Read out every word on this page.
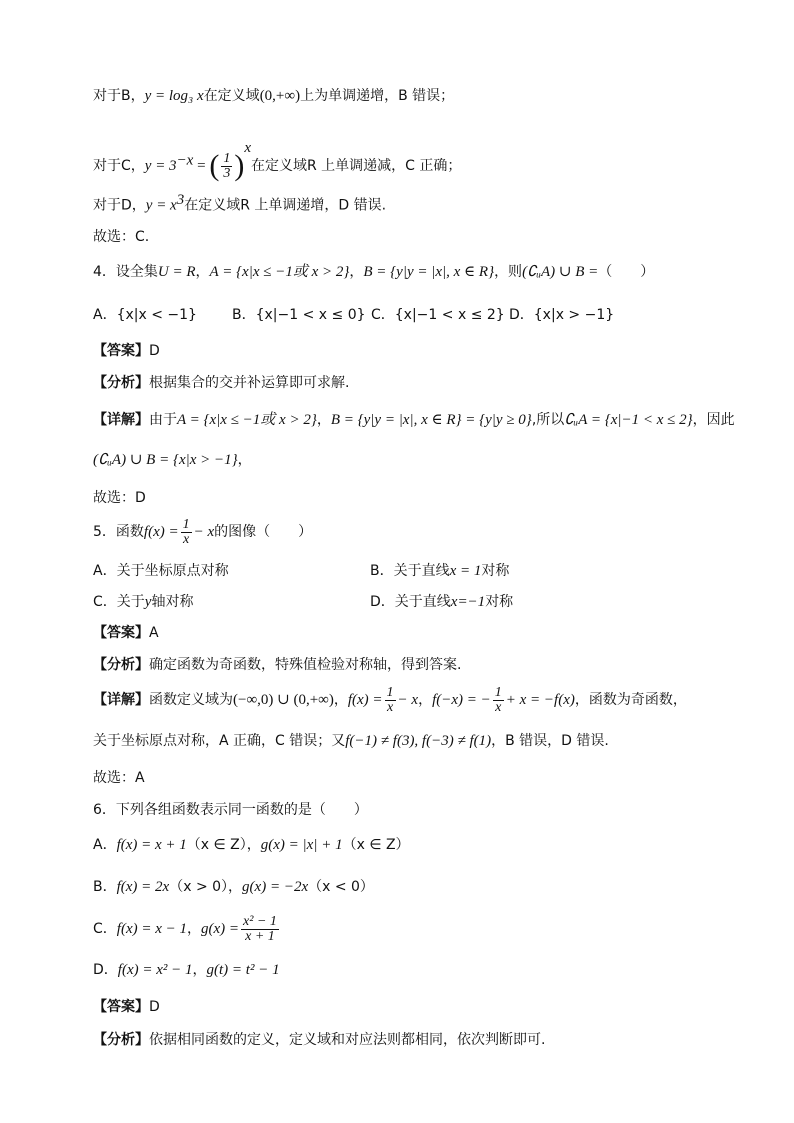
对于B，y = log₃ x在定义域(0,+∞)上为单调递增，B 错误；
对于C，$y = 3^{-x}$ = ( $\frac{1}{3} )^x$在定义域R 上单调递减，C 正确；
对于D，$y = x^3$在定义域R 上单调递增，D 错误.
故选：C.
4．设全集U = R，A = {x|x ≤ −1或 x > 2}，B = {y|y = |x|, x ∈ R}，则(∁ᵤA) ∪ B =（　　）
A．{x|x < −1}	B．{x|−1 < x ≤ 0} C．{x|−1 < x ≤ 2} D．{x|x > −1}
【答案】D
【分析】根据集合的交并补运算即可求解.
【详解】由于A = {x|x ≤ −1或 x > 2}，B = {y|y = |x|, x ∈ R} = {y|y ≥ 0},所以∁ᵤA = {x|−1 < x ≤ 2}，因此
(∁ᵤA) ∪ B = {x|x > −1}，
故选：D
5．函数$f(x) = \frac{1}{x} - x$的图像（　　）
A．关于坐标原点对称	B．关于直线x = 1对称
C．关于y轴对称	D．关于直线x=−1对称
【答案】A
【分析】确定函数为奇函数，特殊值检验对称轴，得到答案.
【详解】函数定义域为(−∞,0) ∪ (0,+∞)，$f(x) = \frac{1}{x} - x$，f(−x) = − $\frac{1}{x} + x = -f(x)$，函数为奇函数，
关于坐标原点对称，A 正确，C 错误；又f(−1) ≠ f(3), f(−3) ≠ f(1)，B 错误，D 错误.
故选：A
6．下列各组函数表示同一函数的是（　　）
A．f(x) = x + 1（x ∈ Z），g(x) = |x| + 1（x ∈ Z）
B．f(x) = 2x（x > 0），g(x) = −2x（x < 0）
C．f(x) = x − 1，$g(x) = \frac{\text{x² − 1}}{x + 1}$
D．f(x) = x² − 1，g(t) = t² − 1
【答案】D
【分析】依据相同函数的定义，定义域和对应法则都相同，依次判断即可.
